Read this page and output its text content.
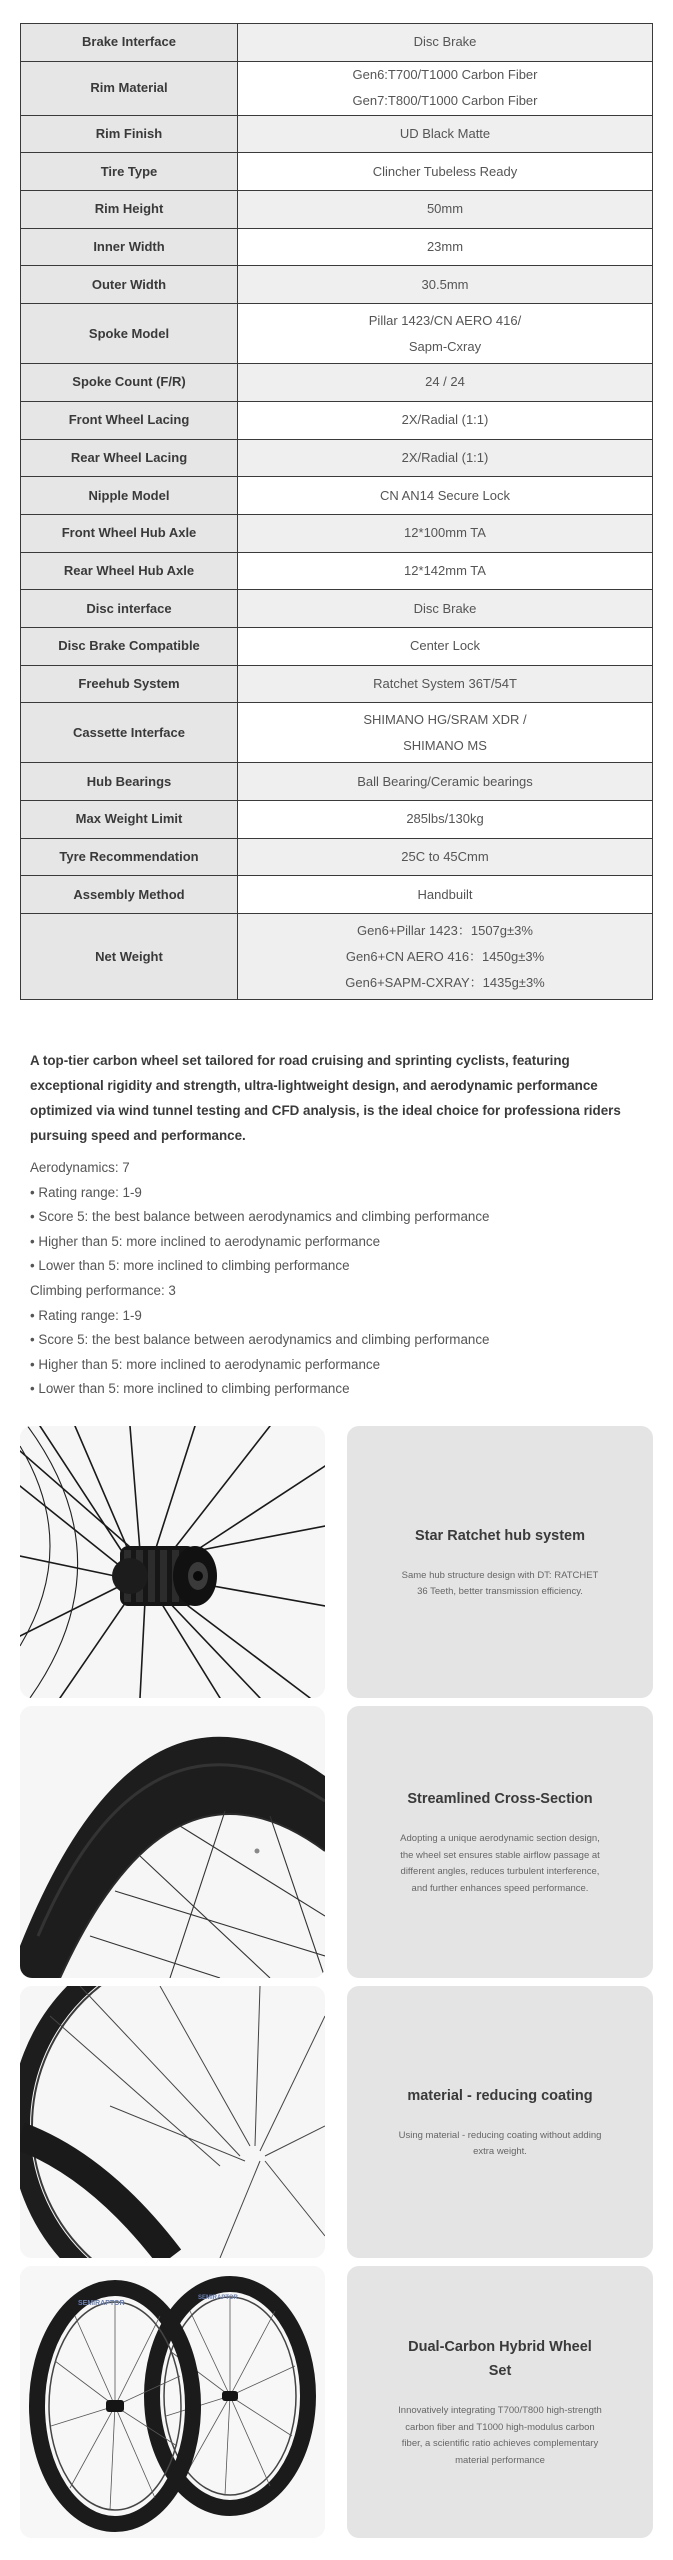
Brake Interface	Disc Brake

Rim Material	Gen6:T700/T1000 Carbon Fiber
Gen7:T800/T1000 Carbon Fiber

Rim Finish	UD Black Matte

Tire Type	Clincher Tubeless Ready

Rim Height	50mm

Inner Width	23mm

Outer Width	30.5mm

Spoke Model	Pillar 1423/CN AERO 416/
Sapm-Cxray

Spoke Count (F/R)	24 / 24

Front Wheel Lacing	2X/Radial (1:1)

Rear Wheel Lacing	2X/Radial (1:1)

Nipple Model	CN AN14 Secure Lock

Front Wheel Hub Axle	12*100mm TA

Rear Wheel Hub Axle	12*142mm TA

Disc interface	Disc Brake

Disc Brake Compatible	Center Lock

Freehub System	Ratchet System 36T/54T

Cassette Interface	SHIMANO HG/SRAM XDR /
SHIMANO MS

Hub Bearings	Ball Bearing/Ceramic bearings

Max Weight Limit	285lbs/130kg

Tyre Recommendation	25C to 45Cmm

Assembly Method	Handbuilt

Net Weight	Gen6+Pillar 1423：1507g±3%
Gen6+CN AERO 416：1450g±3%
Gen6+SAPM-CXRAY：1435g±3%

A top-tier carbon wheel set tailored for road cruising and sprinting cyclists, featuring exceptional rigidity and strength, ultra-lightweight design, and aerodynamic performance optimized via wind tunnel testing and CFD analysis, is the ideal choice for professiona riders pursuing speed and performance.

Aerodynamics: 7
• Rating range: 1-9
• Score 5: the best balance between aerodynamics and climbing performance
• Higher than 5: more inclined to aerodynamic performance
• Lower than 5: more inclined to climbing performance
Climbing performance: 3
• Rating range: 1-9
• Score 5: the best balance between aerodynamics and climbing performance
• Higher than 5: more inclined to aerodynamic performance
• Lower than 5: more inclined to climbing performance
Star Ratchet hub system

Same hub structure design with DT: RATCHET 36 Teeth, better transmission efficiency.

Streamlined Cross-Section

Adopting a unique aerodynamic section design, the wheel set ensures stable airflow passage at different angles, reduces turbulent interference, and further enhances speed performance.

material - reducing coating

Using material - reducing coating without adding extra weight.

SEMIRAPTOR
SEMIRAPTOR
Dual-Carbon Hybrid Wheel Set

Innovatively integrating T700/T800 high-strength carbon fiber and T1000 high-modulus carbon fiber, a scientific ratio achieves complementary material performance
